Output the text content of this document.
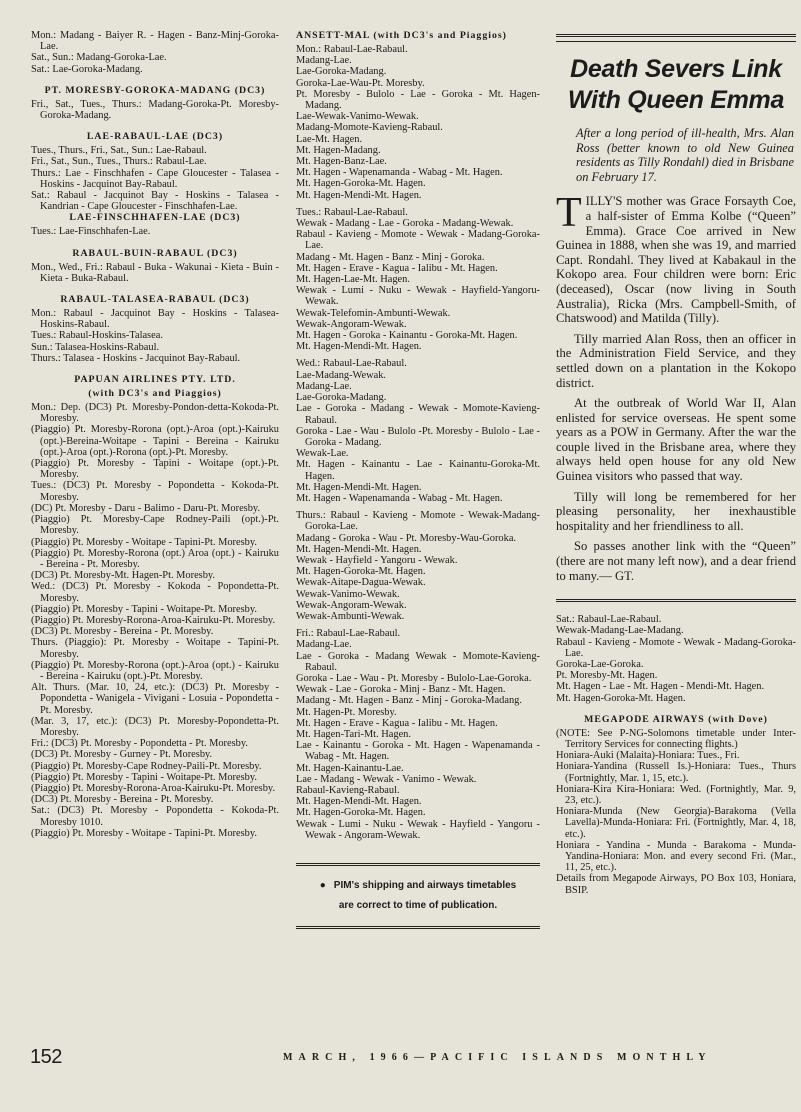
Mon.: Madang - Baiyer R. - Hagen - Banz-Minj-Goroka-Lae.

Sat., Sun.: Madang-Goroka-Lae.

Sat.: Lae-Goroka-Madang.

PT. MORESBY-GOROKA-MADANG (DC3)

Fri., Sat., Tues., Thurs.: Madang-Goroka-Pt. Moresby-Goroka-Madang.

LAE-RABAUL-LAE (DC3)

Tues., Thurs., Fri., Sat., Sun.: Lae-Rabaul.

Fri., Sat., Sun., Tues., Thurs.: Rabaul-Lae.

Thurs.: Lae - Finschhafen - Cape Gloucester - Talasea - Hoskins - Jacquinot Bay-Rabaul.

Sat.: Rabaul - Jacquinot Bay - Hoskins - Talasea - Kandrian - Cape Gloucester - Finschhafen-Lae.

LAE-FINSCHHAFEN-LAE (DC3)

Tues.: Lae-Finschhafen-Lae.

RABAUL-BUIN-RABAUL (DC3)

Mon., Wed., Fri.: Rabaul - Buka - Wakunai - Kieta - Buin - Kieta - Buka-Rabaul.

RABAUL-TALASEA-RABAUL (DC3)

Mon.: Rabaul - Jacquinot Bay - Hoskins - Talasea-Hoskins-Rabaul.

Tues.: Rabaul-Hoskins-Talasea.

Sun.: Talasea-Hoskins-Rabaul.

Thurs.: Talasea - Hoskins - Jacquinot Bay-Rabaul.

PAPUAN AIRLINES PTY. LTD.

(with DC3's and Piaggios)

Mon.: Dep. (DC3) Pt. Moresby-Pondon-detta-Kokoda-Pt. Moresby.

(Piaggio) Pt. Moresby-Rorona (opt.)-Aroa (opt.)-Kairuku (opt.)-Bereina-Woitape - Tapini - Bereina - Kairuku (opt.)-Aroa (opt.)-Rorona (opt.)-Pt. Moresby.

(Piaggio) Pt. Moresby - Tapini - Woitape (opt.)-Pt. Moresby.

Tues.: (DC3) Pt. Moresby - Popondetta - Kokoda-Pt. Moresby.

(DC) Pt. Moresby - Daru - Balimo - Daru-Pt. Moresby.

(Piaggio) Pt. Moresby-Cape Rodney-Paili (opt.)-Pt. Moresby.

(Piaggio) Pt. Moresby - Woitape - Tapini-Pt. Moresby.

(Piaggio) Pt. Moresby-Rorona (opt.) Aroa (opt.) - Kairuku - Bereina - Pt. Moresby.

(DC3) Pt. Moresby-Mt. Hagen-Pt. Moresby.

Wed.: (DC3) Pt. Moresby - Kokoda - Popondetta-Pt. Moresby.

(Piaggio) Pt. Moresby - Tapini - Woitape-Pt. Moresby.

(Piaggio) Pt. Moresby-Rorona-Aroa-Kairuku-Pt. Moresby.

(DC3) Pt. Moresby - Bereina - Pt. Moresby.

Thurs. (Piaggio): Pt. Moresby - Woitape - Tapini-Pt. Moresby.

(Piaggio) Pt. Moresby-Rorona (opt.)-Aroa (opt.) - Kairuku - Bereina - Kairuku (opt.)-Pt. Moresby.

Alt. Thurs. (Mar. 10, 24, etc.): (DC3) Pt. Moresby - Popondetta - Wanigela - Vivigani - Losuia - Popondetta - Pt. Moresby.

(Mar. 3, 17, etc.): (DC3) Pt. Moresby-Popondetta-Pt. Moresby.

Fri.: (DC3) Pt. Moresby - Popondetta - Pt. Moresby.

(DC3) Pt. Moresby - Gurney - Pt. Moresby.

(Piaggio) Pt. Moresby-Cape Rodney-Paili-Pt. Moresby.

(Piaggio) Pt. Moresby - Tapini - Woitape-Pt. Moresby.

(Piaggio) Pt. Moresby-Rorona-Aroa-Kairuku-Pt. Moresby.

(DC3) Pt. Moresby - Bereina - Pt. Moresby.

Sat.: (DC3) Pt. Moresby - Popondetta - Kokoda-Pt. Moresby 1010.

(Piaggio) Pt. Moresby - Woitape - Tapini-Pt. Moresby.

ANSETT-MAL (with DC3's and Piaggios)

Mon.: Rabaul-Lae-Rabaul.

Madang-Lae.

Lae-Goroka-Madang.

Goroka-Lae-Wau-Pt. Moresby.

Pt. Moresby - Bulolo - Lae - Goroka - Mt. Hagen-Madang.

Lae-Wewak-Vanimo-Wewak.

Madang-Momote-Kavieng-Rabaul.

Lae-Mt. Hagen.

Mt. Hagen-Madang.

Mt. Hagen-Banz-Lae.

Mt. Hagen - Wapenamanda - Wabag - Mt. Hagen.

Mt. Hagen-Goroka-Mt. Hagen.

Mt. Hagen-Mendi-Mt. Hagen.

Tues.: Rabaul-Lae-Rabaul.

Wewak - Madang - Lae - Goroka - Madang-Wewak.

Rabaul - Kavieng - Momote - Wewak - Madang-Goroka-Lae.

Madang - Mt. Hagen - Banz - Minj - Goroka.

Mt. Hagen - Erave - Kagua - Ialibu - Mt. Hagen.

Mt. Hagen-Lae-Mt. Hagen.

Wewak - Lumi - Nuku - Wewak - Hayfield-Yangoru-Wewak.

Wewak-Telefomin-Ambunti-Wewak.

Wewak-Angoram-Wewak.

Mt. Hagen - Goroka - Kainantu - Goroka-Mt. Hagen.

Mt. Hagen-Mendi-Mt. Hagen.

Wed.: Rabaul-Lae-Rabaul.

Lae-Madang-Wewak.

Madang-Lae.

Lae-Goroka-Madang.

Lae - Goroka - Madang - Wewak - Momote-Kavieng-Rabaul.

Goroka - Lae - Wau - Bulolo -Pt. Moresby - Bulolo - Lae - Goroka - Madang.

Wewak-Lae.

Mt. Hagen - Kainantu - Lae - Kainantu-Goroka-Mt. Hagen.

Mt. Hagen-Mendi-Mt. Hagen.

Mt. Hagen - Wapenamanda - Wabag - Mt. Hagen.

Thurs.: Rabaul - Kavieng - Momote - Wewak-Madang-Goroka-Lae.

Madang - Goroka - Wau - Pt. Moresby-Wau-Goroka.

Mt. Hagen-Mendi-Mt. Hagen.

Wewak - Hayfield - Yangoru - Wewak.

Mt. Hagen-Goroka-Mt. Hagen.

Wewak-Aitape-Dagua-Wewak.

Wewak-Vanimo-Wewak.

Wewak-Angoram-Wewak.

Wewak-Ambunti-Wewak.

Fri.: Rabaul-Lae-Rabaul.

Madang-Lae.

Lae - Goroka - Madang Wewak - Momote-Kavieng-Rabaul.

Goroka - Lae - Wau - Pt. Moresby - Bulolo-Lae-Goroka.

Wewak - Lae - Goroka - Minj - Banz - Mt. Hagen.

Madang - Mt. Hagen - Banz - Minj - Goroka-Madang.

Mt. Hagen-Pt. Moresby.

Mt. Hagen - Erave - Kagua - Ialibu - Mt. Hagen.

Mt. Hagen-Tari-Mt. Hagen.

Lae - Kainantu - Goroka - Mt. Hagen - Wapenamanda - Wabag - Mt. Hagen.

Mt. Hagen-Kainantu-Lae.

Lae - Madang - Wewak - Vanimo - Wewak.

Rabaul-Kavieng-Rabaul.

Mt. Hagen-Mendi-Mt. Hagen.

Mt. Hagen-Goroka-Mt. Hagen.

Wewak - Lumi - Nuku - Wewak - Hayfield - Yangoru - Wewak - Angoram-Wewak.

● PIM's shipping and airways timetables

are correct to time of publication.

Death Severs Link
With Queen Emma

After a long period of ill-health, Mrs. Alan Ross (better known to old New Guinea residents as Tilly Rondahl) died in Brisbane on February 17.

TILLY'S mother was Grace Forsayth Coe, a half-sister of Emma Kolbe (“Queen” Emma). Grace Coe arrived in New Guinea in 1888, when she was 19, and married Capt. Rondahl. They lived at Kabakaul in the Kokopo area. Four children were born: Eric (deceased), Oscar (now living in South Australia), Ricka (Mrs. Campbell-Smith, of Chatswood) and Matilda (Tilly).

Tilly married Alan Ross, then an officer in the Administration Field Service, and they settled down on a plantation in the Kokopo district.

At the outbreak of World War II, Alan enlisted for service overseas. He spent some years as a POW in Germany. After the war the couple lived in the Brisbane area, where they always held open house for any old New Guinea visitors who passed that way.

Tilly will long be remembered for her pleasing personality, her inexhaustible hospitality and her friendliness to all.

So passes another link with the “Queen” (there are not many left now), and a dear friend to many.— GT.

Sat.: Rabaul-Lae-Rabaul.

Wewak-Madang-Lae-Madang.

Rabaul - Kavieng - Momote - Wewak - Madang-Goroka-Lae.

Goroka-Lae-Goroka.

Pt. Moresby-Mt. Hagen.

Mt. Hagen - Lae - Mt. Hagen - Mendi-Mt. Hagen.

Mt. Hagen-Goroka-Mt. Hagen.

MEGAPODE AIRWAYS (with Dove)

(NOTE: See P-NG-Solomons timetable under Inter-Territory Services for connecting flights.)

Honiara-Auki (Malaita)-Honiara: Tues., Fri.

Honiara-Yandina (Russell Is.)-Honiara: Tues., Thurs (Fortnightly, Mar. 1, 15, etc.).

Honiara-Kira Kira-Honiara: Wed. (Fortnightly, Mar. 9, 23, etc.).

Honiara-Munda (New Georgia)-Barakoma (Vella Lavella)-Munda-Honiara: Fri. (Fortnightly, Mar. 4, 18, etc.).

Honiara - Yandina - Munda - Barakoma - Munda-Yandina-Honiara: Mon. and every second Fri. (Mar., 11, 25, etc.).

Details from Megapode Airways, PO Box 103, Honiara, BSIP.

152	MARCH, 1966—PACIFIC ISLANDS MONTHLY
